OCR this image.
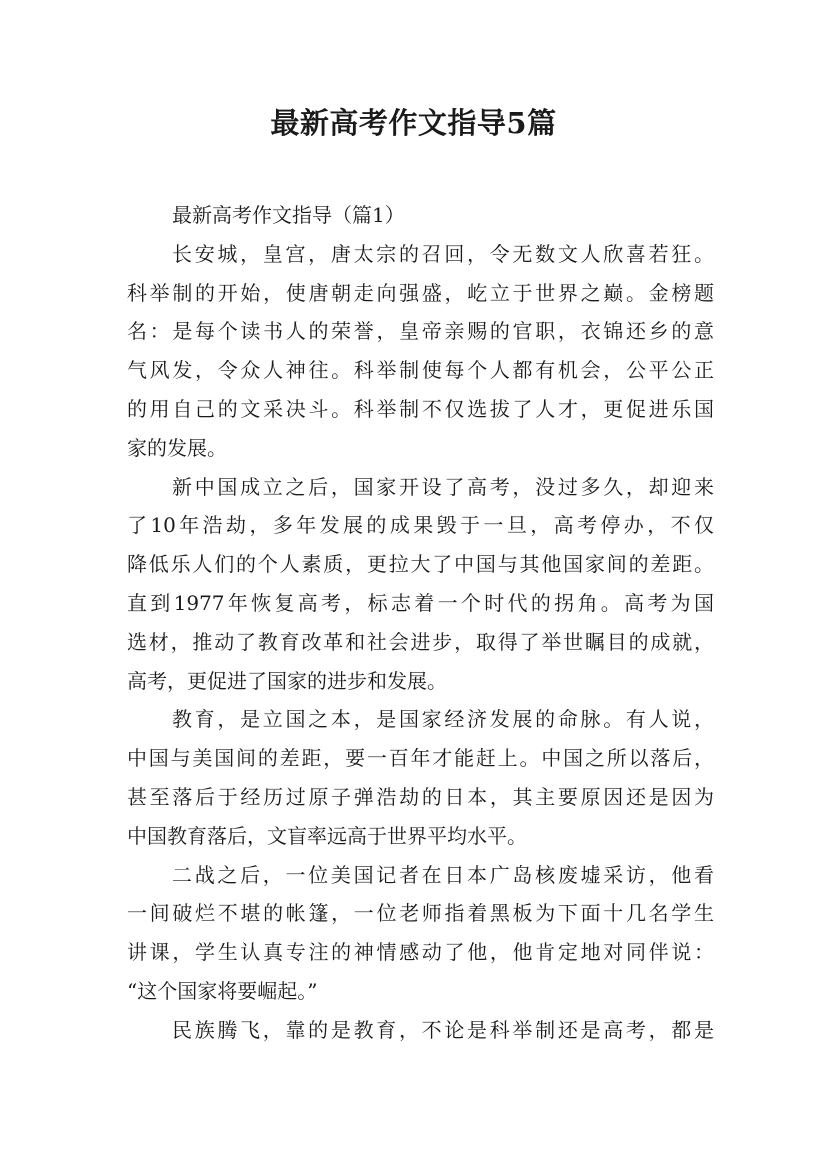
最新高考作文指导5篇

最新高考作文指导（篇1）

长安城，皇宫，唐太宗的召回，令无数文人欣喜若狂。

科举制的开始，使唐朝走向强盛，屹立于世界之巅。金榜题

名：是每个读书人的荣誉，皇帝亲赐的官职，衣锦还乡的意

气风发，令众人神往。科举制使每个人都有机会，公平公正

的用自己的文采决斗。科举制不仅选拔了人才，更促进乐国

家的发展。

新中国成立之后，国家开设了高考，没过多久，却迎来

了10年浩劫，多年发展的成果毁于一旦，高考停办，不仅

降低乐人们的个人素质，更拉大了中国与其他国家间的差距。

直到1977年恢复高考，标志着一个时代的拐角。高考为国

选材，推动了教育改革和社会进步，取得了举世瞩目的成就，

高考，更促进了国家的进步和发展。

教育，是立国之本，是国家经济发展的命脉。有人说，

中国与美国间的差距，要一百年才能赶上。中国之所以落后，

甚至落后于经历过原子弹浩劫的日本，其主要原因还是因为

中国教育落后，文盲率远高于世界平均水平。

二战之后，一位美国记者在日本广岛核废墟采访，他看

一间破烂不堪的帐篷，一位老师指着黑板为下面十几名学生

讲课，学生认真专注的神情感动了他，他肯定地对同伴说：

“这个国家将要崛起。”

民族腾飞，靠的是教育，不论是科举制还是高考，都是
